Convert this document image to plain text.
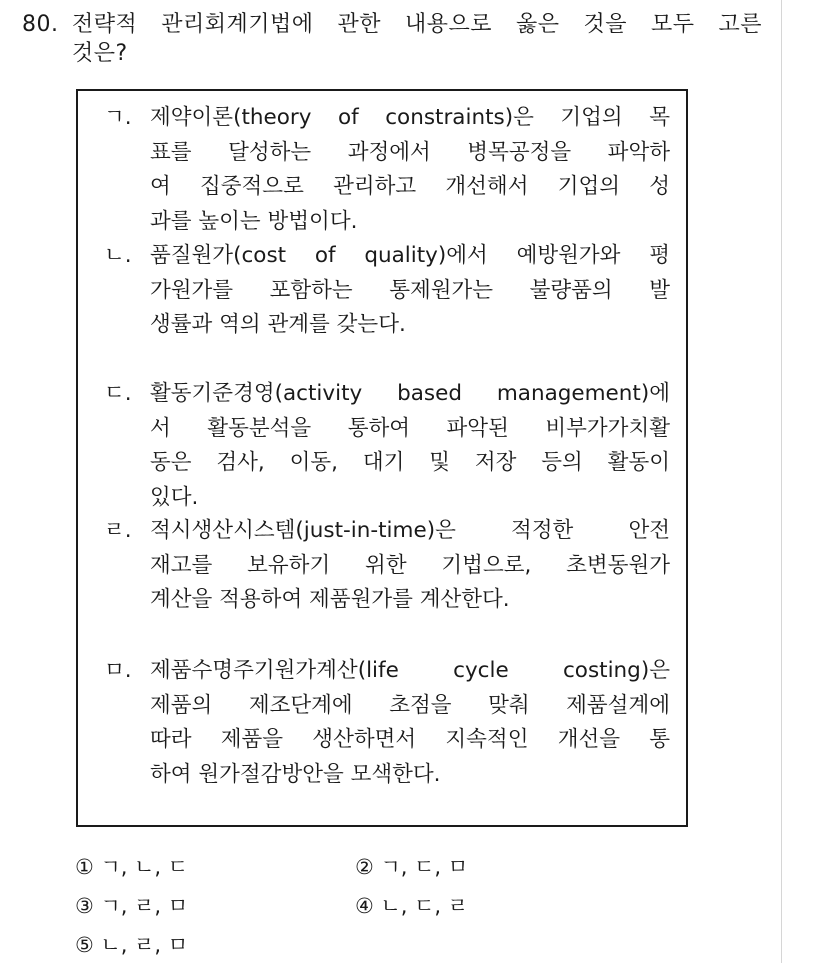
80. 전략적 관리회계기법에 관한 내용으로 옳은 것을 모두 고른
것은?
ㄱ. 제약이론(theory of constraints)은 기업의 목
표를 달성하는 과정에서 병목공정을 파악하
여 집중적으로 관리하고 개선해서 기업의 성
과를 높이는 방법이다.
ㄴ. 품질원가(cost of quality)에서 예방원가와 평
가원가를 포함하는 통제원가는 불량품의 발
생률과 역의 관계를 갖는다.
ㄷ. 활동기준경영(activity based management)에
서 활동분석을 통하여 파악된 비부가가치활
동은 검사, 이동, 대기 및 저장 등의 활동이
있다.
ㄹ. 적시생산시스템(just-in-time)은 적정한 안전
재고를 보유하기 위한 기법으로, 초변동원가
계산을 적용하여 제품원가를 계산한다.
ㅁ. 제품수명주기원가계산(life cycle costing)은
제품의 제조단계에 초점을 맞춰 제품설계에
따라 제품을 생산하면서 지속적인 개선을 통
하여 원가절감방안을 모색한다.
① ㄱ, ㄴ, ㄷ	② ㄱ, ㄷ, ㅁ
③ ㄱ, ㄹ, ㅁ	④ ㄴ, ㄷ, ㄹ
⑤ ㄴ, ㄹ, ㅁ
